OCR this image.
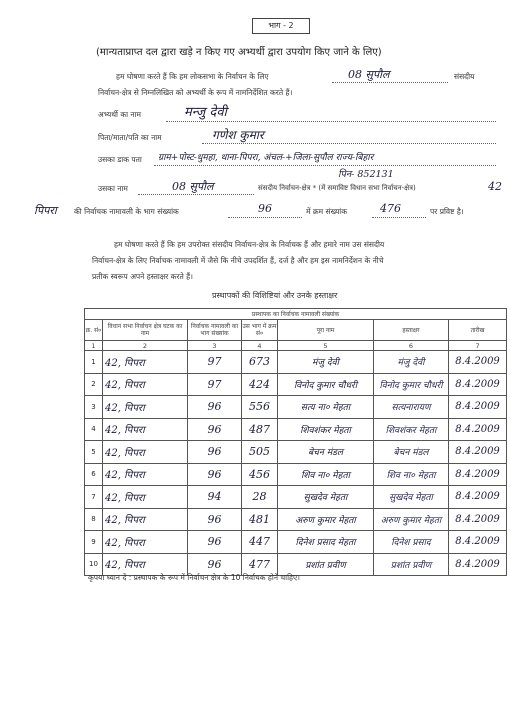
भाग - 2
(मान्यताप्राप्त दल द्वारा खड़े न किए गए अभ्यर्थी द्वारा उपयोग किए जाने के लिए)
हम घोषणा करते हैं कि हम लोकसभा के निर्वाचन के लिए	08 सुपौल	संसदीय
निर्वाचन-क्षेत्र से निम्नलिखित को अभ्यर्थी के रूप में नामनिर्देशित करते हैं।
अभ्यर्थी का नाम	मन्जु देवी
पिता/माता/पति का नाम	गणेश कुमार
उसका डाक पता ग्राम+पोस्ट-धुमहा, थाना-पिपरा, अंचल-+जिला-सुपौल राज्य-बिहार
पिन- 852131
उसका नाम	08 सुपौल	संसदीय निर्वाचन-क्षेत्र * (में समाविष्ट विधान सभा निर्वाचन-क्षेत्र)	42
पिपरा की निर्वाचक नामावली के भाग संख्यांक	96	में क्रम संख्यांक	476	पर प्रविष्ट है।
हम घोषणा करते हैं कि हम उपरोक्त संसदीय निर्वाचन-क्षेत्र के निर्वाचक हैं और हमारे नाम उस संसदीय
निर्वाचन-क्षेत्र के लिए निर्वाचक नामावली में जैसे कि नीचे उपदर्शित हैं, दर्ज है और हम इस नामनिर्देशन के नीचे
प्रतीक स्वरूप अपने हस्ताक्षर करते हैं।
प्रस्थापकों की विशिष्टियां और उनके हस्ताक्षर
प्रस्थापक का निर्वाचक नामावली संख्यांक						
क्र. सं०	विधान सभा निर्वाचन क्षेत्र घटक का नाम	निर्वाचक नामावली का भाग संख्यांक	उस भाग में क्रम सं०	पूरा नाम	हस्ताक्षर	तारीख
1	2	3	4	5	6	7
1	42, पिपरा	97	673	मंजु देवी	मंजु देवी	8.4.2009
2	42, पिपरा	97	424	विनोद कुमार चौधरी	विनोद कुमार चौधरी	8.4.2009
3	42, पिपरा	96	556	सत्य ना० मेहता	सत्यनारायण	8.4.2009
4	42, पिपरा	96	487	शिवशंकर मेहता	शिवशंकर मेहता	8.4.2009
5	42, पिपरा	96	505	बेचन मंडल	बेचन मंडल	8.4.2009
6	42, पिपरा	96	456	शिव ना० मेहता	शिव ना० मेहता	8.4.2009
7	42, पिपरा	94	28	सुखदेव मेहता	सुखदेव मेहता	8.4.2009
8	42, पिपरा	96	481	अरुण कुमार मेहता	अरुण कुमार मेहता	8.4.2009
9	42, पिपरा	96	447	दिनेश प्रसाद मेहता	दिनेश प्रसाद	8.4.2009
10	42, पिपरा	96	477	प्रशांत प्रवीण	प्रशांत प्रवीण	8.4.2009
कृपया ध्यान दें : प्रस्थापक के रूप में निर्वाचन क्षेत्र के 10 निर्वाचक होने चाहिए।
